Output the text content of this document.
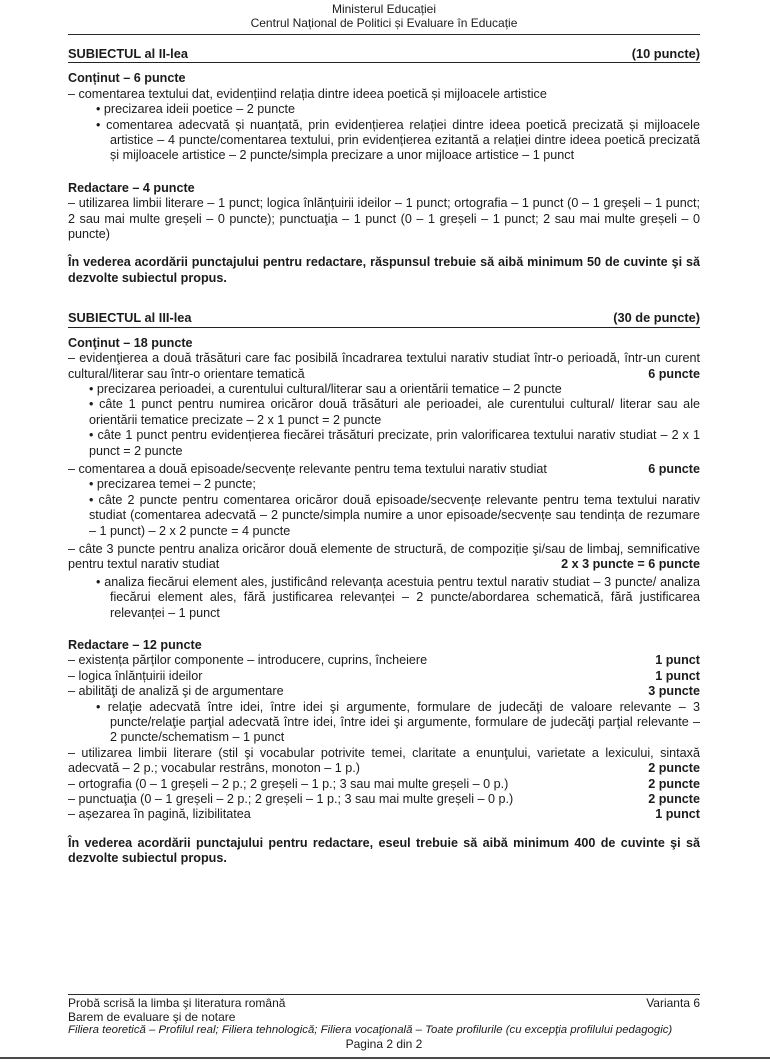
Ministerul Educației
Centrul Național de Politici și Evaluare în Educație
SUBIECTUL al II-lea	(10 puncte)

Conținut – 6 puncte

– comentarea textului dat, evidențiind relația dintre ideea poetică și mijloacele artistice

• precizarea ideii poetice – 2 puncte
• comentarea adecvată și nuanțată, prin evidențierea relației dintre ideea poetică precizată și mijloacele artistice – 4 puncte/comentarea textului, prin evidențierea ezitantă a relației dintre ideea poetică precizată și mijloacele artistice – 2 puncte/simpla precizare a unor mijloace artistice – 1 punct

Redactare – 4 puncte

– utilizarea limbii literare – 1 punct; logica înlănțuirii ideilor – 1 punct; ortografia – 1 punct (0 – 1 greşeli – 1 punct; 2 sau mai multe greșeli – 0 puncte); punctuaţia – 1 punct (0 – 1 greșeli – 1 punct; 2 sau mai multe greșeli – 0 puncte)

În vederea acordării punctajului pentru redactare, răspunsul trebuie să aibă minimum 50 de cuvinte şi să dezvolte subiectul propus.

SUBIECTUL al III-lea	(30 de puncte)

Conţinut – 18 puncte

– evidenţierea a două trăsături care fac posibilă încadrarea textului narativ studiat într-o perioadă, într-un curent cultural/literar sau într-o orientare tematică	6 puncte
• precizarea perioadei, a curentului cultural/literar sau a orientării tematice – 2 puncte
• câte 1 punct pentru numirea oricăror două trăsături ale perioadei, ale curentului cultural/ literar sau ale orientării tematice precizate – 2 x 1 punct = 2 puncte
• câte 1 punct pentru evidențierea fiecărei trăsături precizate, prin valorificarea textului narativ studiat – 2 x 1 punct = 2 puncte
– comentarea a două episoade/secvențe relevante pentru tema textului narativ studiat	6 puncte
• precizarea temei – 2 puncte;
• câte 2 puncte pentru comentarea oricăror două episoade/secvențe relevante pentru tema textului narativ studiat (comentarea adecvată – 2 puncte/simpla numire a unor episoade/secvențe sau tendința de rezumare – 1 punct) – 2 x 2 puncte = 4 puncte
– câte 3 puncte pentru analiza oricăror două elemente de structură, de compoziție şi/sau de limbaj, semnificative pentru textul narativ studiat	2 x 3 puncte = 6 puncte
• analiza fiecărui element ales, justificând relevanța acestuia pentru textul narativ studiat – 3 puncte/ analiza fiecărui element ales, fără justificarea relevanței – 2 puncte/abordarea schematică, fără justificarea relevanței – 1 punct

Redactare – 12 puncte

– existența părților componente – introducere, cuprins, încheiere	1 punct
– logica înlănțuirii ideilor	1 punct
– abilităţi de analiză şi de argumentare	3 puncte
• relaţie adecvată între idei, între idei şi argumente, formulare de judecăţi de valoare relevante – 3 puncte/relaţie parţial adecvată între idei, între idei şi argumente, formulare de judecăţi parţial relevante – 2 puncte/schematism – 1 punct
– utilizarea limbii literare (stil şi vocabular potrivite temei, claritate a enunţului, varietate a lexicului, sintaxă adecvată – 2 p.; vocabular restrâns, monoton – 1 p.)	2 puncte
– ortografia (0 – 1 greșeli – 2 p.; 2 greșeli – 1 p.; 3 sau mai multe greșeli – 0 p.)	2 puncte
– punctuaţia (0 – 1 greșeli – 2 p.; 2 greșeli – 1 p.; 3 sau mai multe greșeli – 0 p.)	2 puncte
– așezarea în pagină, lizibilitatea	1 punct

În vederea acordării punctajului pentru redactare, eseul trebuie să aibă minimum 400 de cuvinte şi să dezvolte subiectul propus.

Probă scrisă la limba şi literatura română	Varianta 6
Barem de evaluare şi de notare
Filiera teoretică – Profilul real; Filiera tehnologică; Filiera vocaţională – Toate profilurile (cu excepţia profilului pedagogic)
Pagina 2 din 2
